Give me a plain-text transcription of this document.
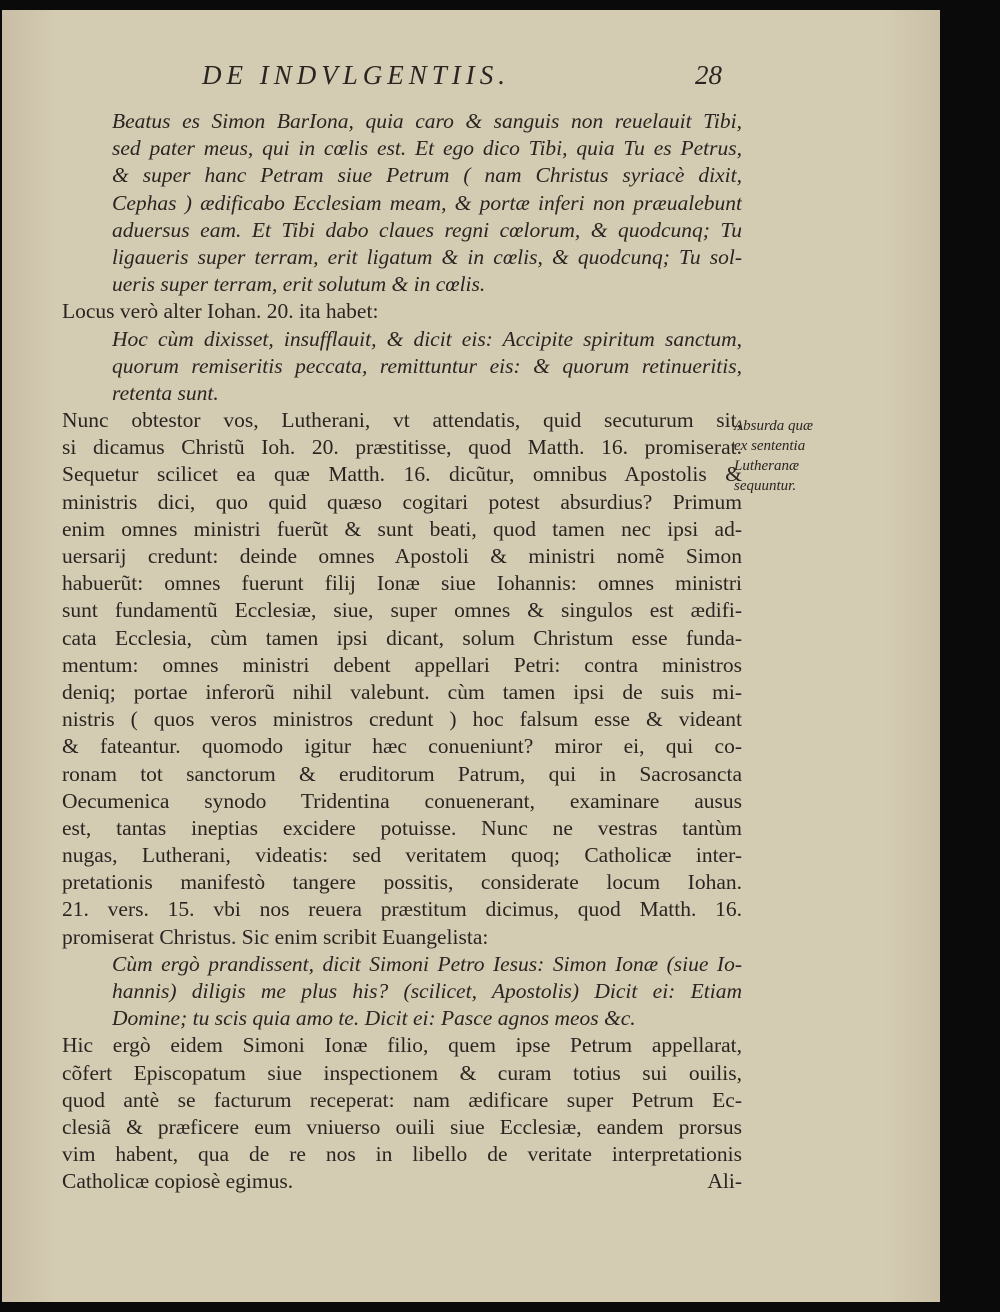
DE INDVLGENTIIS.	28
Beatus es Simon BarIona, quia caro & sanguis non reuelauit Tibi,
sed pater meus, qui in cœlis est. Et ego dico Tibi, quia Tu es Petrus,
& super hanc Petram siue Petrum ( nam Christus syriacè dixit,
Cephas ) ædificabo Ecclesiam meam, & portæ inferi non præualebunt
aduersus eam. Et Tibi dabo claues regni cœlorum, & quodcunq; Tu
ligaueris super terram, erit ligatum & in cœlis, & quodcunq; Tu sol-
ueris super terram, erit solutum & in cœlis.
Locus verò alter Iohan. 20. ita habet:
Hoc cùm dixisset, insufflauit, & dicit eis: Accipite spiritum sanctum,
quorum remiseritis peccata, remittuntur eis: & quorum retinueritis,
retenta sunt.
Nunc obtestor vos, Lutherani, vt attendatis, quid secuturum sit,
si dicamus Christũ Ioh. 20. præstitisse, quod Matth. 16. promiserat.
Sequetur scilicet ea quæ Matth. 16. dicũtur, omnibus Apostolis &
ministris dici, quo quid quæso cogitari potest absurdius? Primum
enim omnes ministri fuerũt & sunt beati, quod tamen nec ipsi ad-
uersarij credunt: deinde omnes Apostoli & ministri nomẽ Simon
habuerũt: omnes fuerunt filij Ionæ siue Iohannis: omnes ministri
sunt fundamentũ Ecclesiæ, siue, super omnes & singulos est ædifi-
cata Ecclesia, cùm tamen ipsi dicant, solum Christum esse funda-
mentum: omnes ministri debent appellari Petri: contra ministros
deniq; portae inferorũ nihil valebunt. cùm tamen ipsi de suis mi-
nistris ( quos veros ministros credunt ) hoc falsum esse & videant
& fateantur. quomodo igitur hæc conueniunt? miror ei, qui co-
ronam tot sanctorum & eruditorum Patrum, qui in Sacrosancta
Oecumenica synodo Tridentina conuenerant, examinare ausus
est, tantas ineptias excidere potuisse. Nunc ne vestras tantùm
nugas, Lutherani, videatis: sed veritatem quoq; Catholicæ inter-
pretationis manifestò tangere possitis, considerate locum Iohan.
21. vers. 15. vbi nos reuera præstitum dicimus, quod Matth. 16.
promiserat Christus. Sic enim scribit Euangelista:
Cùm ergò prandissent, dicit Simoni Petro Iesus: Simon Ionæ (siue Io-
hannis) diligis me plus his? (scilicet, Apostolis) Dicit ei: Etiam
Domine; tu scis quia amo te. Dicit ei: Pasce agnos meos &c.
Hic ergò eidem Simoni Ionæ filio, quem ipse Petrum appellarat,
cõfert Episcopatum siue inspectionem & curam totius sui ouilis,
quod antè se facturum receperat: nam ædificare super Petrum Ec-
clesiã & præficere eum vniuerso ouili siue Ecclesiæ, eandem prorsus
vim habent, qua de re nos in libello de veritate interpretationis
Catholicæ copiosè egimus.	Ali-
Absurda quæ
ex sententia
Lutheranæ
sequuntur.
